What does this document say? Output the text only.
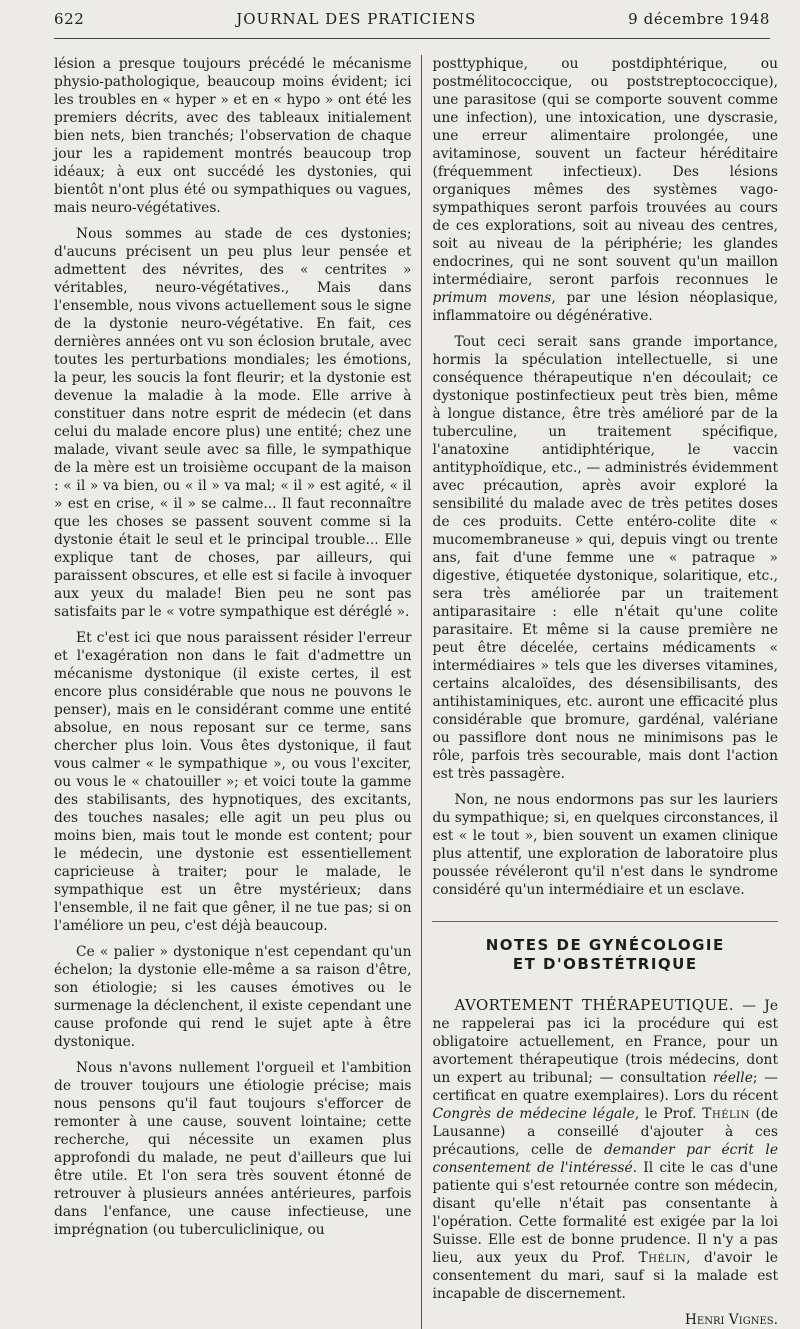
622	JOURNAL DES PRATICIENS	9 décembre 1948

lésion a presque toujours précédé le mécanisme physio-pathologique, beaucoup moins évident; ici les troubles en « hyper » et en « hypo » ont été les premiers décrits, avec des tableaux initialement bien nets, bien tranchés; l'observation de chaque jour les a rapidement montrés beaucoup trop idéaux; à eux ont succédé les dystonies, qui bientôt n'ont plus été ou sympathiques ou vagues, mais neuro-végétatives.

Nous sommes au stade de ces dystonies; d'aucuns précisent un peu plus leur pensée et admettent des névrites, des « centrites » véritables, neuro-végétatives., Mais dans l'ensemble, nous vivons actuellement sous le signe de la dystonie neuro-végétative. En fait, ces dernières années ont vu son éclosion brutale, avec toutes les perturbations mondiales; les émotions, la peur, les soucis la font fleurir; et la dystonie est devenue la maladie à la mode. Elle arrive à constituer dans notre esprit de médecin (et dans celui du malade encore plus) une entité; chez une malade, vivant seule avec sa fille, le sympathique de la mère est un troisième occupant de la maison : « il » va bien, ou « il » va mal; « il » est agité, « il » est en crise, « il » se calme... Il faut reconnaître que les choses se passent souvent comme si la dystonie était le seul et le principal trouble... Elle explique tant de choses, par ailleurs, qui paraissent obscures, et elle est si facile à invoquer aux yeux du malade! Bien peu ne sont pas satisfaits par le « votre sympathique est déréglé ».

Et c'est ici que nous paraissent résider l'erreur et l'exagération non dans le fait d'admettre un mécanisme dystonique (il existe certes, il est encore plus considérable que nous ne pouvons le penser), mais en le considérant comme une entité absolue, en nous reposant sur ce terme, sans chercher plus loin. Vous êtes dystonique, il faut vous calmer « le sympathique », ou vous l'exciter, ou vous le « chatouiller »; et voici toute la gamme des stabilisants, des hypnotiques, des excitants, des touches nasales; elle agit un peu plus ou moins bien, mais tout le monde est content; pour le médecin, une dystonie est essentiellement capricieuse à traiter; pour le malade, le sympathique est un être mystérieux; dans l'ensemble, il ne fait que gêner, il ne tue pas; si on l'améliore un peu, c'est déjà beaucoup.

Ce « palier » dystonique n'est cependant qu'un échelon; la dystonie elle-même a sa raison d'être, son étiologie; si les causes émotives ou le surmenage la déclenchent, il existe cependant une cause profonde qui rend le sujet apte à être dystonique.

Nous n'avons nullement l'orgueil et l'ambition de trouver toujours une étiologie précise; mais nous pensons qu'il faut toujours s'efforcer de remonter à une cause, souvent lointaine; cette recherche, qui nécessite un examen plus approfondi du malade, ne peut d'ailleurs que lui être utile. Et l'on sera très souvent étonné de retrouver à plusieurs années antérieures, parfois dans l'enfance, une cause infectieuse, une imprégnation (ou tuberculiclinique, ou

posttyphique, ou postdiphtérique, ou postmélitococcique, ou poststreptococcique), une parasitose (qui se comporte souvent comme une infection), une intoxication, une dyscrasie, une erreur alimentaire prolongée, une avitaminose, souvent un facteur héréditaire (fréquemment infectieux). Des lésions organiques mêmes des systèmes vago-sympathiques seront parfois trouvées au cours de ces explorations, soit au niveau des centres, soit au niveau de la périphérie; les glandes endocrines, qui ne sont souvent qu'un maillon intermédiaire, seront parfois reconnues le primum movens, par une lésion néoplasique, inflammatoire ou dégénérative.

Tout ceci serait sans grande importance, hormis la spéculation intellectuelle, si une conséquence thérapeutique n'en découlait; ce dystonique postinfectieux peut très bien, même à longue distance, être très amélioré par de la tuberculine, un traitement spécifique, l'anatoxine antidiphtérique, le vaccin antityphoïdique, etc., — administrés évidemment avec précaution, après avoir exploré la sensibilité du malade avec de très petites doses de ces produits. Cette entéro-colite dite « mucomembraneuse » qui, depuis vingt ou trente ans, fait d'une femme une « patraque » digestive, étiquetée dystonique, solaritique, etc., sera très améliorée par un traitement antiparasitaire : elle n'était qu'une colite parasitaire. Et même si la cause première ne peut être décelée, certains médicaments « intermédiaires » tels que les diverses vitamines, certains alcaloïdes, des désensibilisants, des antihistaminiques, etc. auront une efficacité plus considérable que bromure, gardénal, valériane ou passiflore dont nous ne minimisons pas le rôle, parfois très secourable, mais dont l'action est très passagère.

Non, ne nous endormons pas sur les lauriers du sympathique; si, en quelques circonstances, il est « le tout », bien souvent un examen clinique plus attentif, une exploration de laboratoire plus poussée révéleront qu'il n'est dans le syndrome considéré qu'un intermédiaire et un esclave.

NOTES DE GYNÉCOLOGIE
ET D'OBSTÉTRIQUE

AVORTEMENT THÉRAPEUTIQUE. — Je ne rappelerai pas ici la procédure qui est obligatoire actuellement, en France, pour un avortement thérapeutique (trois médecins, dont un expert au tribunal; — consultation réelle; — certificat en quatre exemplaires). Lors du récent Congrès de médecine légale, le Prof. Thélin (de Lausanne) a conseillé d'ajouter à ces précautions, celle de demander par écrit le consentement de l'intéressé. Il cite le cas d'une patiente qui s'est retournée contre son médecin, disant qu'elle n'était pas consentante à l'opération. Cette formalité est exigée par la loi Suisse. Elle est de bonne prudence. Il n'y a pas lieu, aux yeux du Prof. Thélin, d'avoir le consentement du mari, sauf si la malade est incapable de discernement.

Henri Vignes.
